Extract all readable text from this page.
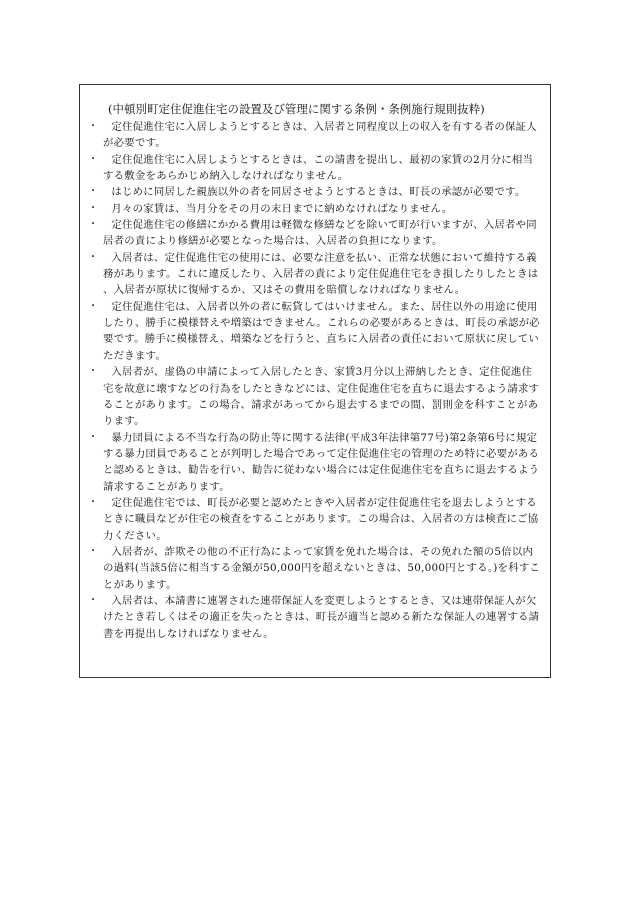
(中頓別町定住促進住宅の設置及び管理に関する条例・条例施行規則抜粋)
・ 定住促進住宅に入居しようとするときは、入居者と同程度以上の収入を有する者の保証人が必要です。
・ 定住促進住宅に入居しようとするときは、この請書を提出し、最初の家賃の2月分に相当する敷金をあらかじめ納入しなければなりません。
・ はじめに同居した親族以外の者を同居させようとするときは、町長の承認が必要です。
・ 月々の家賃は、当月分をその月の末日までに納めなければなりません。
・ 定住促進住宅の修繕にかかる費用は軽微な修繕などを除いて町が行いますが、入居者や同居者の責により修繕が必要となった場合は、入居者の負担になります。
・ 入居者は、定住促進住宅の使用には、必要な注意を払い、正常な状態において維持する義務があります。これに違反したり、入居者の責により定住促進住宅をき損したりしたときは、入居者が原状に復帰するか、又はその費用を賠償しなければなりません。
・ 定住促進住宅は、入居者以外の者に転貸してはいけません。また、居住以外の用途に使用したり、勝手に模様替えや増築はできません。これらの必要があるときは、町長の承認が必要です。勝手に模様替え、増築などを行うと、直ちに入居者の責任において原状に戻していただきます。
・ 入居者が、虚偽の申請によって入居したとき、家賃3月分以上滞納したとき、定住促進住宅を故意に壊すなどの行為をしたときなどには、定住促進住宅を直ちに退去するよう請求することがあります。この場合、請求があってから退去するまでの間、罰則金を科すことがあります。
・ 暴力団員による不当な行為の防止等に関する法律(平成3年法律第77号)第2条第6号に規定する暴力団員であることが判明した場合であって定住促進住宅の管理のため特に必要があると認めるときは、勧告を行い、勧告に従わない場合には定住促進住宅を直ちに退去するよう請求することがあります。
・ 定住促進住宅では、町長が必要と認めたときや入居者が定住促進住宅を退去しようとするときに職員などが住宅の検査をすることがあります。この場合は、入居者の方は検査にご協力ください。
・ 入居者が、詐欺その他の不正行為によって家賃を免れた場合は、その免れた額の5倍以内の過料(当該5倍に相当する金額が50,000円を超えないときは、50,000円とする。)を科すことがあります。
・ 入居者は、本請書に連署された連帯保証人を変更しようとするとき、又は連帯保証人が欠けたとき若しくはその適正を失ったときは、町長が適当と認める新たな保証人の連署する請書を再提出しなければなりません。
